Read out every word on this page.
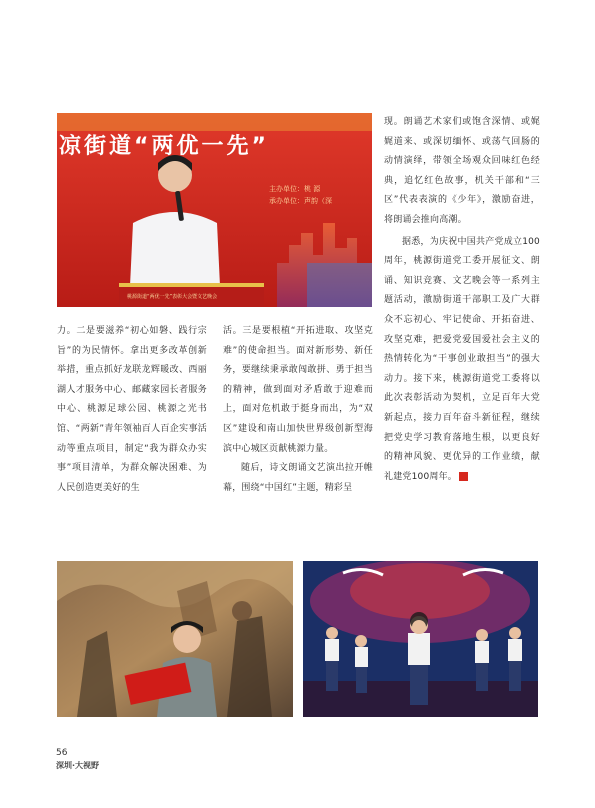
桃源街道“两优一先”表彰大会暨文艺晚会
凉街道“两优一先”
主办单位：桃 源
承办单位：声韵（深

现。朗诵艺术家们或饱含深情、或娓娓道来、或深切缅怀、或荡气回肠的动情演绎，带领全场观众回味红色经典，追忆红色故事，机关干部和“三区”代表表演的《少年》，激励奋进，将朗诵会推向高潮。

据悉，为庆祝中国共产党成立100周年，桃源街道党工委开展征文、朗诵、知识竞赛、文艺晚会等一系列主题活动，激励街道干部职工及广大群众不忘初心、牢记使命、开拓奋进、攻坚克难，把爱党爱国爱社会主义的热情转化为“干事创业敢担当”的强大动力。接下来，桃源街道党工委将以此次表彰活动为契机，立足百年大党新起点，接力百年奋斗新征程，继续把党史学习教育落地生根，以更良好的精神风貌、更优异的工作业绩，献礼建党100周年。	V

力。二是要滋养“初心如磐、践行宗旨”的为民情怀。拿出更多改革创新举措，重点抓好龙联龙辉暖改、西丽湖人才服务中心、邮藏家园长者服务中心、桃源足球公园、桃源之光书馆、“两新”青年领袖百人百企实事活动等重点项目，制定“我为群众办实事”项目清单，为群众解决困难、为人民创造更美好的生

活。三是要根植“开拓进取、攻坚克难”的使命担当。面对新形势、新任务，要继续秉承敢闯敢拼、勇于担当的精神，做到面对矛盾敢于迎难而上，面对危机敢于挺身而出，为“双区”建设和南山加快世界级创新型海滨中心城区贡献桃源力量。

随后，诗文朗诵文艺演出拉开帷幕，围绕“中国红”主题，精彩呈

56
深圳·大视野
